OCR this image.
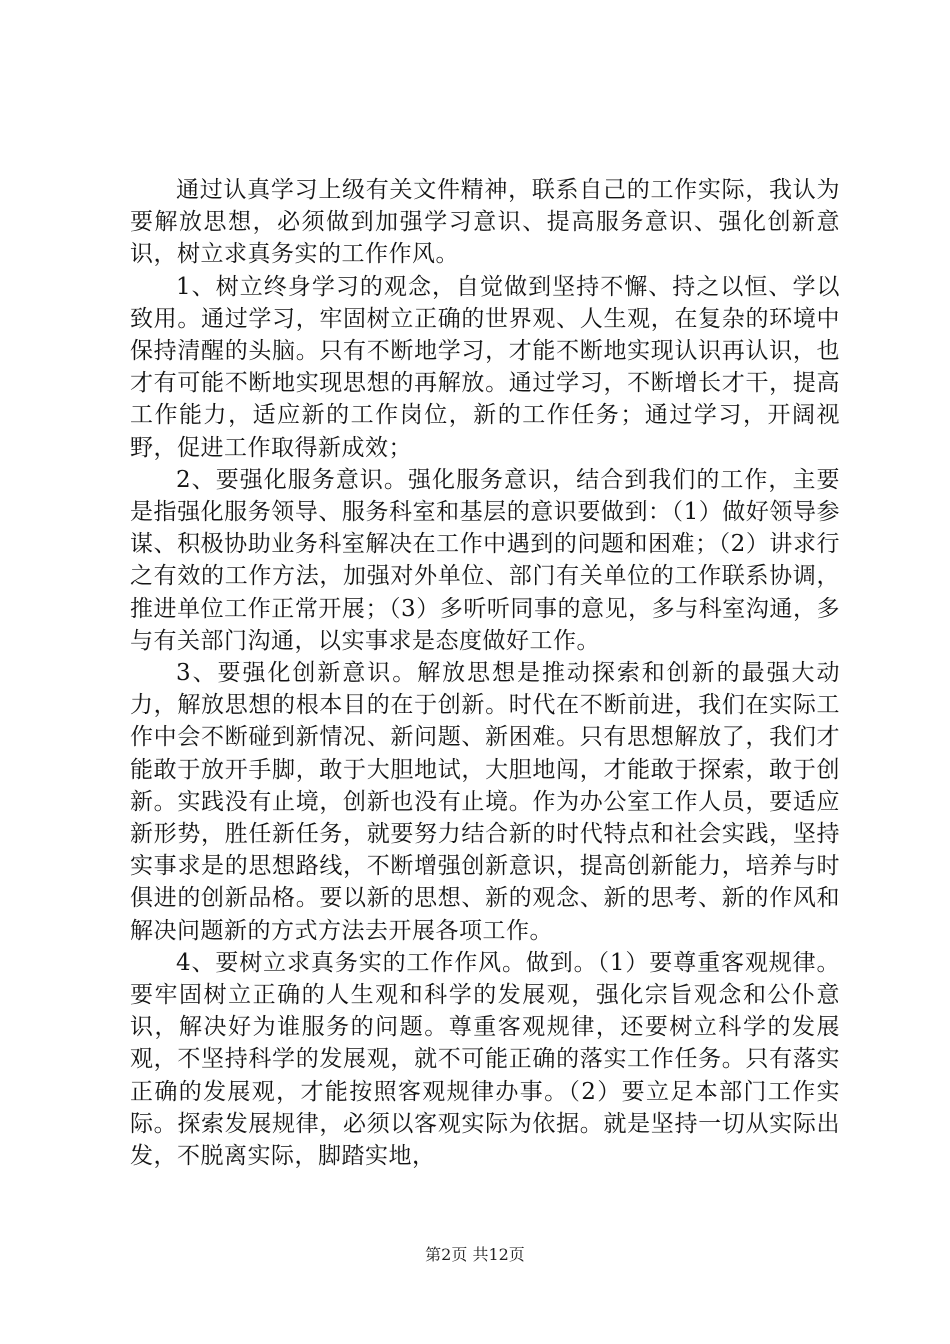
通过认真学习上级有关文件精神，联系自己的工作实际，我认为要解放思想，必须做到加强学习意识、提高服务意识、强化创新意识，树立求真务实的工作作风。

1、树立终身学习的观念，自觉做到坚持不懈、持之以恒、学以致用。通过学习，牢固树立正确的世界观、人生观，在复杂的环境中保持清醒的头脑。只有不断地学习，才能不断地实现认识再认识，也才有可能不断地实现思想的再解放。通过学习，不断增长才干，提高工作能力，适应新的工作岗位，新的工作任务；通过学习，开阔视野，促进工作取得新成效；

2、要强化服务意识。强化服务意识，结合到我们的工作，主要是指强化服务领导、服务科室和基层的意识要做到：（1）做好领导参谋、积极协助业务科室解决在工作中遇到的问题和困难；（2）讲求行之有效的工作方法，加强对外单位、部门有关单位的工作联系协调，推进单位工作正常开展；（3）多听听同事的意见，多与科室沟通，多与有关部门沟通，以实事求是态度做好工作。

3、要强化创新意识。解放思想是推动探索和创新的最强大动力，解放思想的根本目的在于创新。时代在不断前进，我们在实际工作中会不断碰到新情况、新问题、新困难。只有思想解放了，我们才能敢于放开手脚，敢于大胆地试，大胆地闯，才能敢于探索，敢于创新。实践没有止境，创新也没有止境。作为办公室工作人员，要适应新形势，胜任新任务，就要努力结合新的时代特点和社会实践，坚持实事求是的思想路线，不断增强创新意识，提高创新能力，培养与时俱进的创新品格。要以新的思想、新的观念、新的思考、新的作风和解决问题新的方式方法去开展各项工作。

4、要树立求真务实的工作作风。做到。（1）要尊重客观规律。要牢固树立正确的人生观和科学的发展观，强化宗旨观念和公仆意识，解决好为谁服务的问题。尊重客观规律，还要树立科学的发展观，不坚持科学的发展观，就不可能正确的落实工作任务。只有落实正确的发展观，才能按照客观规律办事。（2）要立足本部门工作实际。探索发展规律，必须以客观实际为依据。就是坚持一切从实际出发，不脱离实际，脚踏实地，

第2页 共12页
